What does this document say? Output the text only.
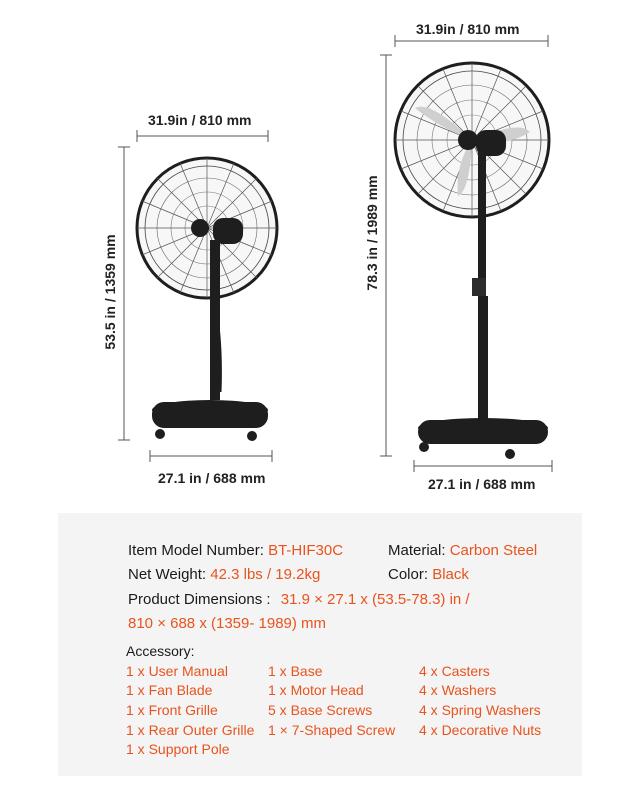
31.9in / 810 mm
53.5 in / 1359 mm
27.1 in / 688 mm
31.9in / 810 mm
78.3 in / 1989 mm
27.1 in / 688 mm
Item Model Number: BT-HIF30C	Material: Carbon Steel
Net Weight: 42.3 lbs / 19.2kg	Color: Black
Product Dimensions : 31.9 × 27.1 x (53.5-78.3) in /
810 × 688 x (1359- 1989) mm
Accessory:
1 x User Manual
1 x Fan Blade
1 x Front Grille
1 x Rear Outer Grille
1 x Support Pole
1 x Base
1 x Motor Head
5 x Base Screws
1 × 7-Shaped Screw
4 x Casters
4 x Washers
4 x Spring Washers
4 x Decorative Nuts
